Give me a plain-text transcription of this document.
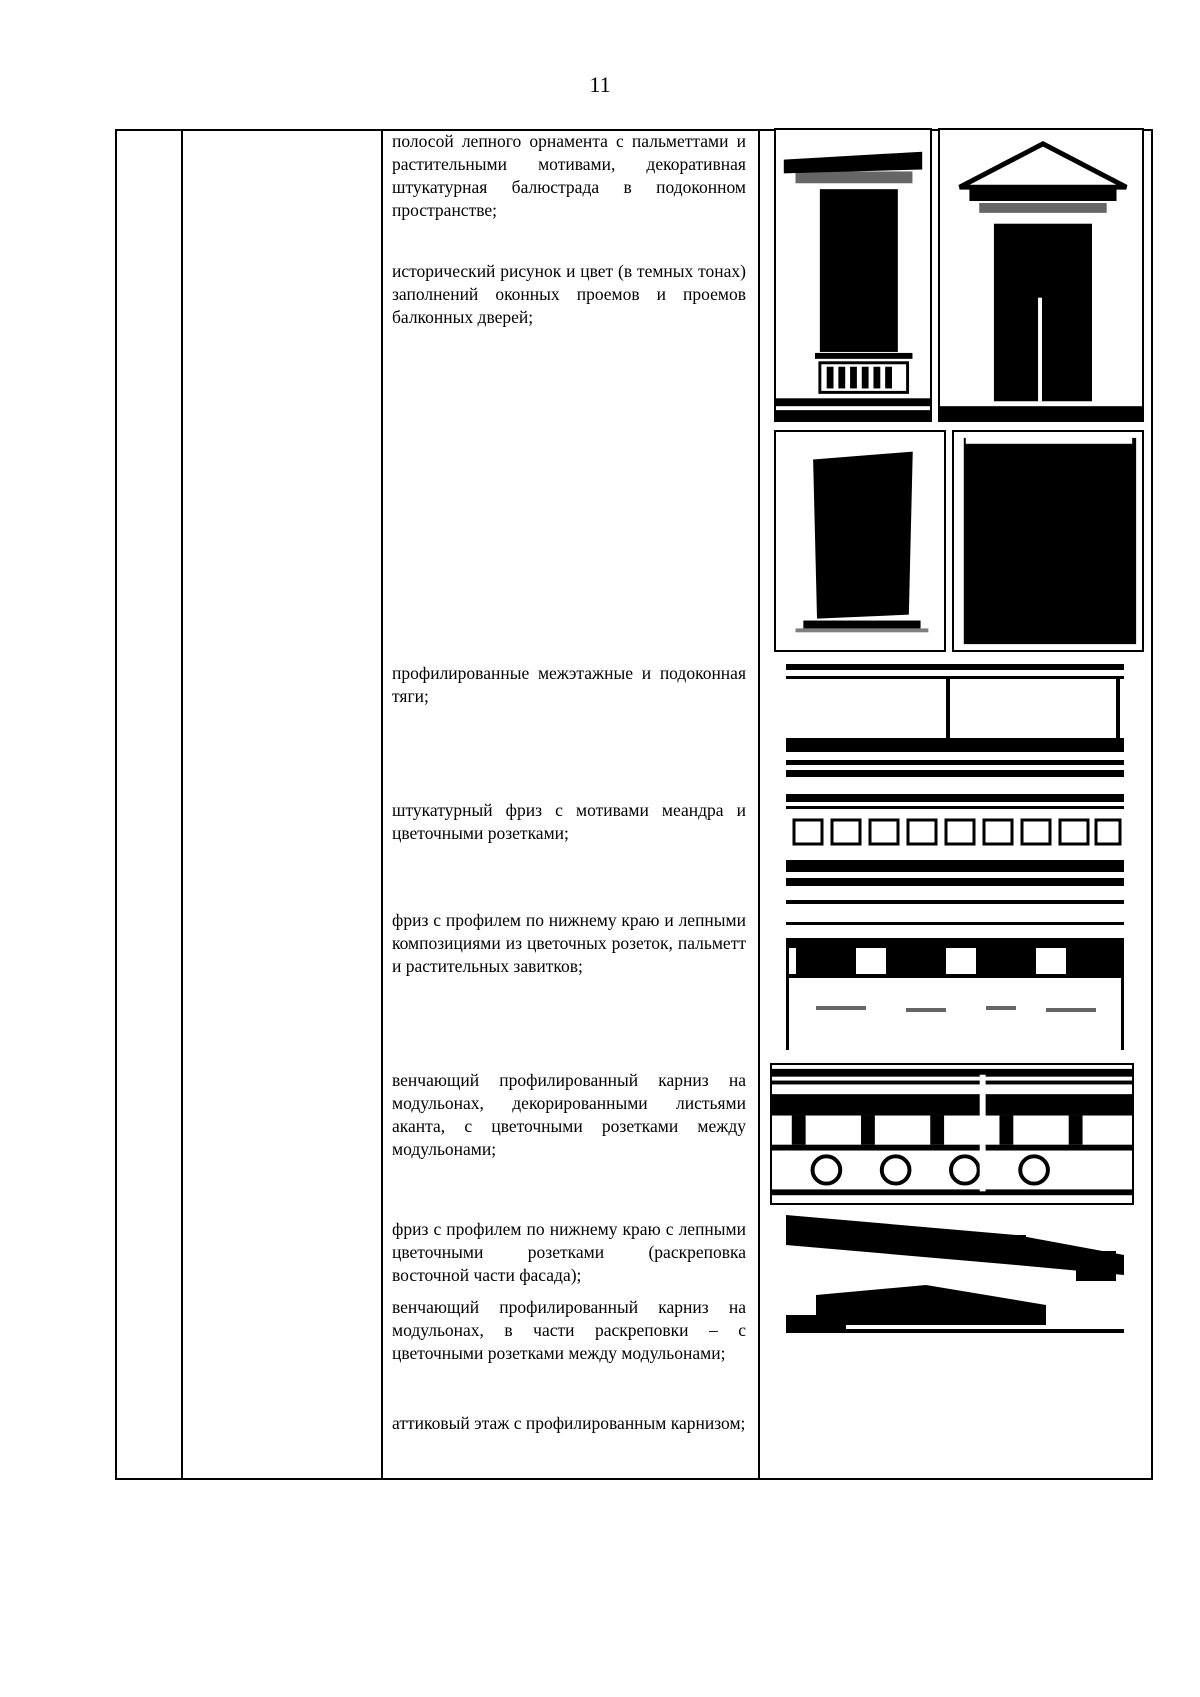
11

полосой лепного орнамента с пальметтами и растительными мотивами, декоративная штукатурная балюстрада в подоконном пространстве;

исторический рисунок и цвет (в темных тонах) заполнений оконных проемов и проемов балконных дверей;

профилированные межэтажные и подоконная тяги;

штукатурный фриз с мотивами меандра и цветочными розетками;

фриз с профилем по нижнему краю и лепными композициями из цветочных розеток, пальметт и растительных завитков;

венчающий профилированный карниз на модульонах, декорированными листьями аканта, с цветочными розетками между модульонами;

фриз с профилем по нижнему краю с лепными цветочными розетками (раскреповка восточной части фасада);

венчающий профилированный карниз на модульонах, в части раскреповки – с цветочными розетками между модульонами;

аттиковый этаж с профилированным карнизом;
